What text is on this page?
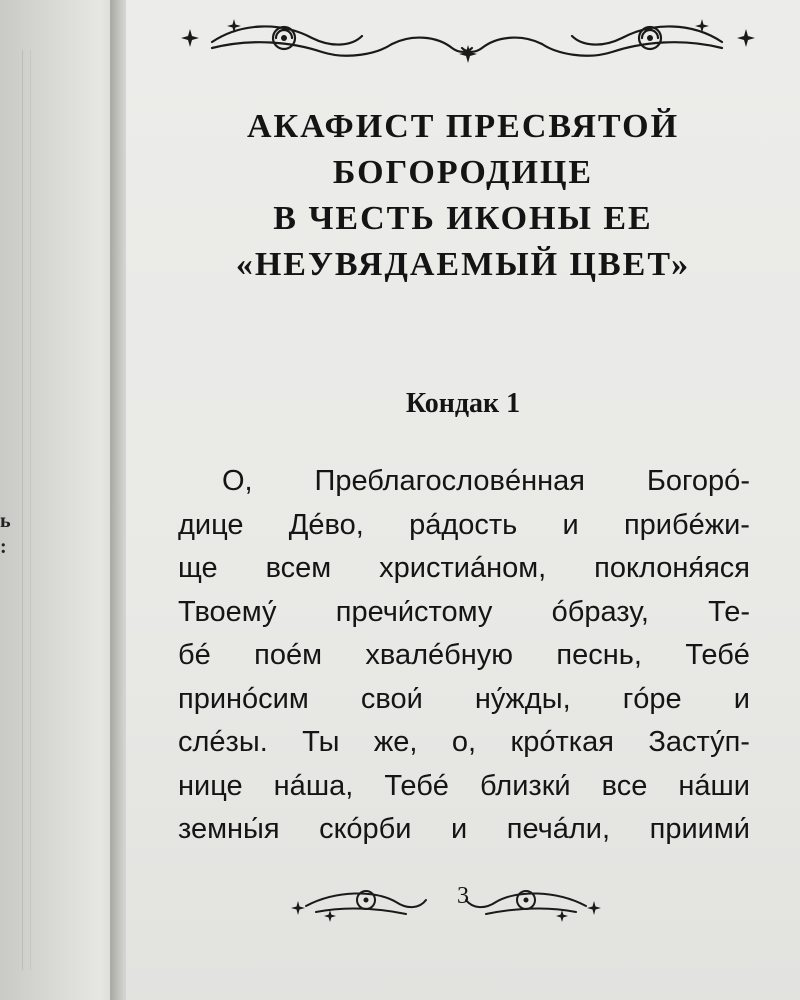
ь
:
АКАФИСТ ПРЕСВЯТОЙ
БОГОРОДИЦЕ
В ЧЕСТЬ ИКОНЫ ЕЕ
«НЕУВЯДАЕМЫЙ ЦВЕТ»
Кондак 1
О, Преблагословéнная Богорó-
дице Дéво, рáдость и прибéжи-
ще всем христиáном, поклоня́яся
Твоему́ пречи́стому óбразу, Те-
бé поéм хвалéбную песнь, Тебé
принóсим свои́ ну́жды, гóре и
слéзы. Ты же, о, крóткая Засту́п-
нице нáша, Тебé близки́ все нáши
земны́я скóрби и печáли, приими́
3
